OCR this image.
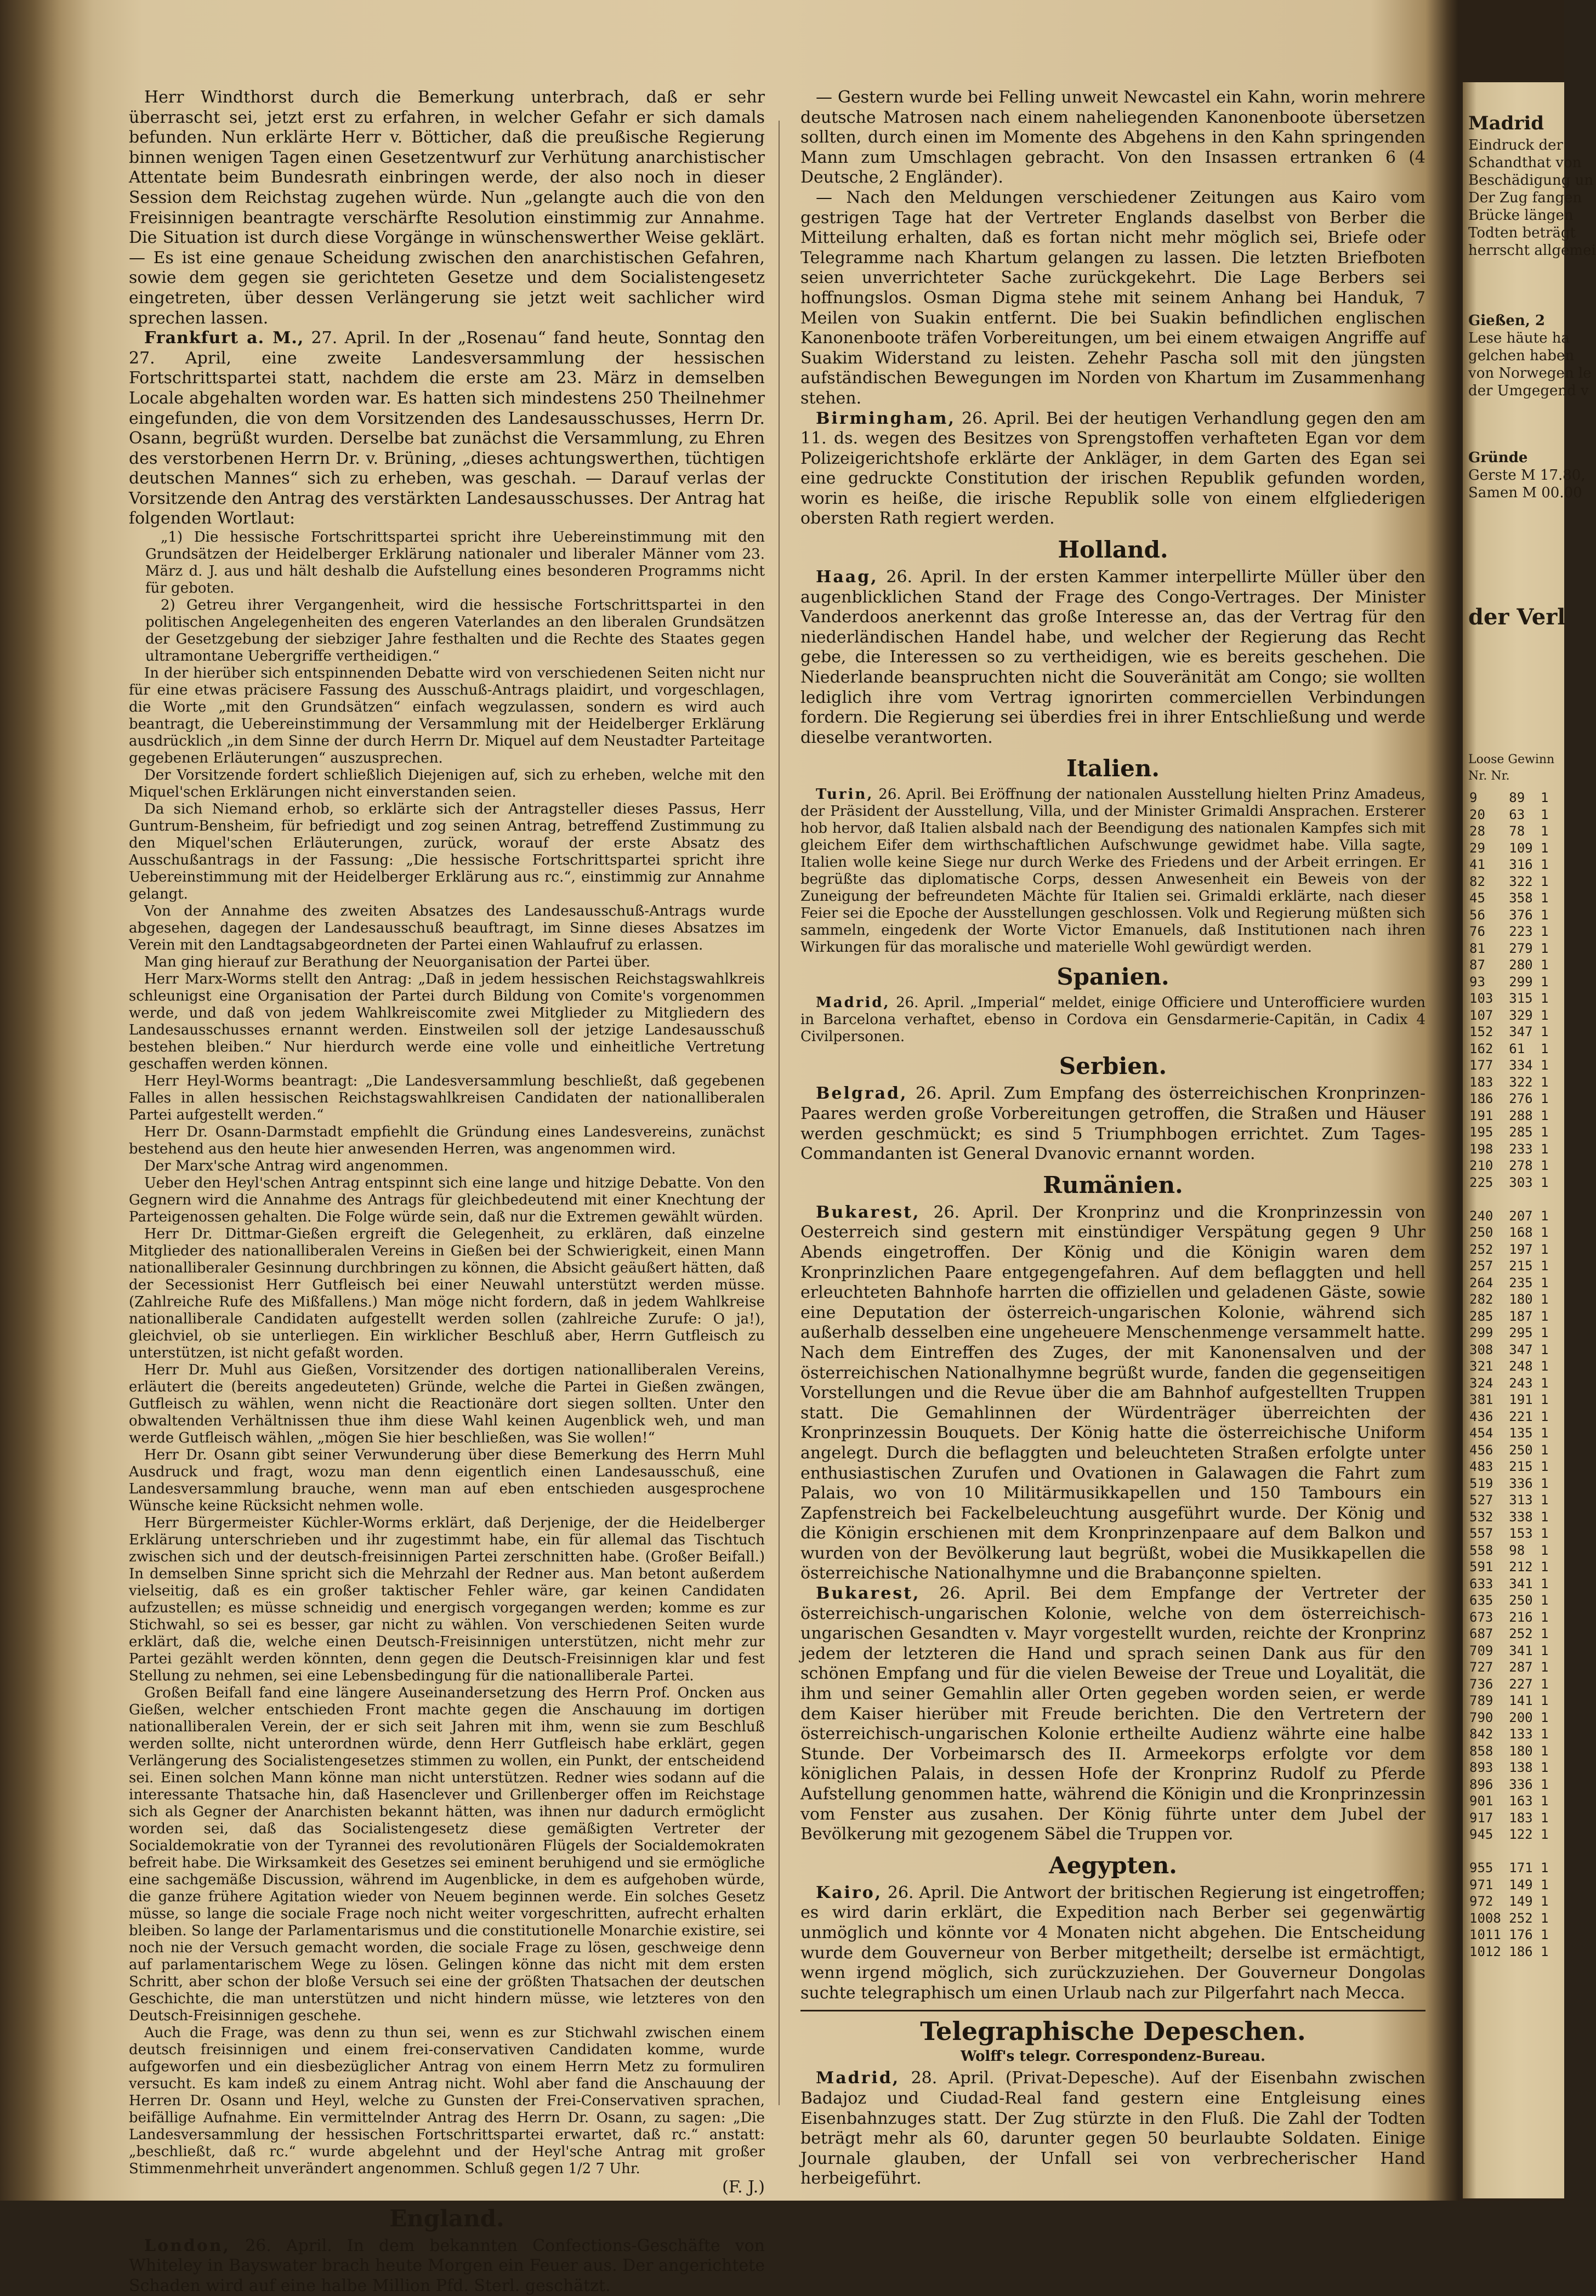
Herr Windthorst durch die Bemerkung unterbrach, daß er sehr überrascht sei, jetzt erst zu erfahren, in welcher Gefahr er sich damals befunden. Nun erklärte Herr v. Bötticher, daß die preußische Regierung binnen wenigen Tagen einen Gesetzentwurf zur Verhütung anarchistischer Attentate beim Bundesrath einbringen werde, der also noch in dieser Session dem Reichstag zugehen würde. Nun „gelangte auch die von den Freisinnigen beantragte verschärfte Resolution einstimmig zur Annahme. Die Situation ist durch diese Vorgänge in wünschenswerther Weise geklärt. — Es ist eine genaue Scheidung zwischen den anarchistischen Gefahren, sowie dem gegen sie gerichteten Gesetze und dem Socialistengesetz eingetreten, über dessen Verlängerung sie jetzt weit sachlicher wird sprechen lassen.

Frankfurt a. M., 27. April. In der „Rosenau“ fand heute, Sonntag den 27. April, eine zweite Landesversammlung der hessischen Fortschrittspartei statt, nachdem die erste am 23. März in demselben Locale abgehalten worden war. Es hatten sich mindestens 250 Theilnehmer eingefunden, die von dem Vorsitzenden des Landesausschusses, Herrn Dr. Osann, begrüßt wurden. Derselbe bat zunächst die Versammlung, zu Ehren des verstorbenen Herrn Dr. v. Brüning, „dieses achtungswerthen, tüchtigen deutschen Mannes“ sich zu erheben, was geschah. — Darauf verlas der Vorsitzende den Antrag des verstärkten Landesausschusses. Der Antrag hat folgenden Wortlaut:

„1) Die hessische Fortschrittspartei spricht ihre Uebereinstimmung mit den Grundsätzen der Heidelberger Erklärung nationaler und liberaler Männer vom 23. März d. J. aus und hält deshalb die Aufstellung eines besonderen Programms nicht für geboten.

2) Getreu ihrer Vergangenheit, wird die hessische Fortschrittspartei in den politischen Angelegenheiten des engeren Vaterlandes an den liberalen Grundsätzen der Gesetzgebung der siebziger Jahre festhalten und die Rechte des Staates gegen ultramontane Uebergriffe vertheidigen.“

In der hierüber sich entspinnenden Debatte wird von verschiedenen Seiten nicht nur für eine etwas präcisere Fassung des Ausschuß-Antrags plaidirt, und vorgeschlagen, die Worte „mit den Grundsätzen“ einfach wegzulassen, sondern es wird auch beantragt, die Uebereinstimmung der Versammlung mit der Heidelberger Erklärung ausdrücklich „in dem Sinne der durch Herrn Dr. Miquel auf dem Neustadter Parteitage gegebenen Erläuterungen“ auszusprechen.

Der Vorsitzende fordert schließlich Diejenigen auf, sich zu erheben, welche mit den Miquel'schen Erklärungen nicht einverstanden seien.

Da sich Niemand erhob, so erklärte sich der Antragsteller dieses Passus, Herr Guntrum-Bensheim, für befriedigt und zog seinen Antrag, betreffend Zustimmung zu den Miquel'schen Erläuterungen, zurück, worauf der erste Absatz des Ausschußantrags in der Fassung: „Die hessische Fortschrittspartei spricht ihre Uebereinstimmung mit der Heidelberger Erklärung aus rc.“, einstimmig zur Annahme gelangt.

Von der Annahme des zweiten Absatzes des Landesausschuß-Antrags wurde abgesehen, dagegen der Landesausschuß beauftragt, im Sinne dieses Absatzes im Verein mit den Landtagsabgeordneten der Partei einen Wahlaufruf zu erlassen.

Man ging hierauf zur Berathung der Neuorganisation der Partei über.

Herr Marx-Worms stellt den Antrag: „Daß in jedem hessischen Reichstagswahlkreis schleunigst eine Organisation der Partei durch Bildung von Comite's vorgenommen werde, und daß von jedem Wahlkreiscomite zwei Mitglieder zu Mitgliedern des Landesausschusses ernannt werden. Einstweilen soll der jetzige Landesausschuß bestehen bleiben.“ Nur hierdurch werde eine volle und einheitliche Vertretung geschaffen werden können.

Herr Heyl-Worms beantragt: „Die Landesversammlung beschließt, daß gegebenen Falles in allen hessischen Reichstagswahlkreisen Candidaten der nationalliberalen Partei aufgestellt werden.“

Herr Dr. Osann-Darmstadt empfiehlt die Gründung eines Landesvereins, zunächst bestehend aus den heute hier anwesenden Herren, was angenommen wird.

Der Marx'sche Antrag wird angenommen.

Ueber den Heyl'schen Antrag entspinnt sich eine lange und hitzige Debatte. Von den Gegnern wird die Annahme des Antrags für gleichbedeutend mit einer Knechtung der Parteigenossen gehalten. Die Folge würde sein, daß nur die Extremen gewählt würden.

Herr Dr. Dittmar-Gießen ergreift die Gelegenheit, zu erklären, daß einzelne Mitglieder des nationalliberalen Vereins in Gießen bei der Schwierigkeit, einen Mann nationalliberaler Gesinnung durchbringen zu können, die Absicht geäußert hätten, daß der Secessionist Herr Gutfleisch bei einer Neuwahl unterstützt werden müsse. (Zahlreiche Rufe des Mißfallens.) Man möge nicht fordern, daß in jedem Wahlkreise nationalliberale Candidaten aufgestellt werden sollen (zahlreiche Zurufe: O ja!), gleichviel, ob sie unterliegen. Ein wirklicher Beschluß aber, Herrn Gutfleisch zu unterstützen, ist nicht gefaßt worden.

Herr Dr. Muhl aus Gießen, Vorsitzender des dortigen nationalliberalen Vereins, erläutert die (bereits angedeuteten) Gründe, welche die Partei in Gießen zwängen, Gutfleisch zu wählen, wenn nicht die Reactionäre dort siegen sollten. Unter den obwaltenden Verhältnissen thue ihm diese Wahl keinen Augenblick weh, und man werde Gutfleisch wählen, „mögen Sie hier beschließen, was Sie wollen!“

Herr Dr. Osann gibt seiner Verwunderung über diese Bemerkung des Herrn Muhl Ausdruck und fragt, wozu man denn eigentlich einen Landesausschuß, eine Landesversammlung brauche, wenn man auf eben entschieden ausgesprochene Wünsche keine Rücksicht nehmen wolle.

Herr Bürgermeister Küchler-Worms erklärt, daß Derjenige, der die Heidelberger Erklärung unterschrieben und ihr zugestimmt habe, ein für allemal das Tischtuch zwischen sich und der deutsch-freisinnigen Partei zerschnitten habe. (Großer Beifall.) In demselben Sinne spricht sich die Mehrzahl der Redner aus. Man betont außerdem vielseitig, daß es ein großer taktischer Fehler wäre, gar keinen Candidaten aufzustellen; es müsse schneidig und energisch vorgegangen werden; komme es zur Stichwahl, so sei es besser, gar nicht zu wählen. Von verschiedenen Seiten wurde erklärt, daß die, welche einen Deutsch-Freisinnigen unterstützen, nicht mehr zur Partei gezählt werden könnten, denn gegen die Deutsch-Freisinnigen klar und fest Stellung zu nehmen, sei eine Lebensbedingung für die nationalliberale Partei.

Großen Beifall fand eine längere Auseinandersetzung des Herrn Prof. Oncken aus Gießen, welcher entschieden Front machte gegen die Anschauung im dortigen nationalliberalen Verein, der er sich seit Jahren mit ihm, wenn sie zum Beschluß werden sollte, nicht unterordnen würde, denn Herr Gutfleisch habe erklärt, gegen Verlängerung des Socialistengesetzes stimmen zu wollen, ein Punkt, der entscheidend sei. Einen solchen Mann könne man nicht unterstützen. Redner wies sodann auf die interessante Thatsache hin, daß Hasenclever und Grillenberger offen im Reichstage sich als Gegner der Anarchisten bekannt hätten, was ihnen nur dadurch ermöglicht worden sei, daß das Socialistengesetz diese gemäßigten Vertreter der Socialdemokratie von der Tyrannei des revolutionären Flügels der Socialdemokraten befreit habe. Die Wirksamkeit des Gesetzes sei eminent beruhigend und sie ermögliche eine sachgemäße Discussion, während im Augenblicke, in dem es aufgehoben würde, die ganze frühere Agitation wieder von Neuem beginnen werde. Ein solches Gesetz müsse, so lange die sociale Frage noch nicht weiter vorgeschritten, aufrecht erhalten bleiben. So lange der Parlamentarismus und die constitutionelle Monarchie existire, sei noch nie der Versuch gemacht worden, die sociale Frage zu lösen, geschweige denn auf parlamentarischem Wege zu lösen. Gelingen könne das nicht mit dem ersten Schritt, aber schon der bloße Versuch sei eine der größten Thatsachen der deutschen Geschichte, die man unterstützen und nicht hindern müsse, wie letzteres von den Deutsch-Freisinnigen geschehe.

Auch die Frage, was denn zu thun sei, wenn es zur Stichwahl zwischen einem deutsch freisinnigen und einem frei-conservativen Candidaten komme, wurde aufgeworfen und ein diesbezüglicher Antrag von einem Herrn Metz zu formuliren versucht. Es kam indeß zu einem Antrag nicht. Wohl aber fand die Anschauung der Herren Dr. Osann und Heyl, welche zu Gunsten der Frei-Conservativen sprachen, beifällige Aufnahme. Ein vermittelnder Antrag des Herrn Dr. Osann, zu sagen: „Die Landesversammlung der hessischen Fortschrittspartei erwartet, daß rc.“ anstatt: „beschließt, daß rc.“ wurde abgelehnt und der Heyl'sche Antrag mit großer Stimmenmehrheit unverändert angenommen. Schluß gegen 1/2 7 Uhr.

(F. J.)
England.

London, 26. April. In dem bekannten Confections-Geschäfte von Whiteley in Bayswater brach heute Morgen ein Feuer aus. Der angerichtete Schaden wird auf eine halbe Million Pfd. Sterl. geschätzt.

— Gestern wurde bei Felling unweit Newcastel ein Kahn, worin mehrere deutsche Matrosen nach einem naheliegenden Kanonenboote übersetzen sollten, durch einen im Momente des Abgehens in den Kahn springenden Mann zum Umschlagen gebracht. Von den Insassen ertranken 6 (4 Deutsche, 2 Engländer).

— Nach den Meldungen verschiedener Zeitungen aus Kairo vom gestrigen Tage hat der Vertreter Englands daselbst von Berber die Mitteilung erhalten, daß es fortan nicht mehr möglich sei, Briefe oder Telegramme nach Khartum gelangen zu lassen. Die letzten Briefboten seien unverrichteter Sache zurückgekehrt. Die Lage Berbers sei hoffnungslos. Osman Digma stehe mit seinem Anhang bei Handuk, 7 Meilen von Suakin entfernt. Die bei Suakin befindlichen englischen Kanonenboote träfen Vorbereitungen, um bei einem etwaigen Angriffe auf Suakim Widerstand zu leisten. Zehehr Pascha soll mit den jüngsten aufständischen Bewegungen im Norden von Khartum im Zusammenhang stehen.

Birmingham, 26. April. Bei der heutigen Verhandlung gegen den am 11. ds. wegen des Besitzes von Sprengstoffen verhafteten Egan vor dem Polizeigerichtshofe erklärte der Ankläger, in dem Garten des Egan sei eine gedruckte Constitution der irischen Republik gefunden worden, worin es heiße, die irische Republik solle von einem elfgliederigen obersten Rath regiert werden.

Holland.

Haag, 26. April. In der ersten Kammer interpellirte Müller über den augenblicklichen Stand der Frage des Congo-Vertrages. Der Minister Vanderdoos anerkennt das große Interesse an, das der Vertrag für den niederländischen Handel habe, und welcher der Regierung das Recht gebe, die Interessen so zu vertheidigen, wie es bereits geschehen. Die Niederlande beanspruchten nicht die Souveränität am Congo; sie wollten lediglich ihre vom Vertrag ignorirten commerciellen Verbindungen fordern. Die Regierung sei überdies frei in ihrer Entschließung und werde dieselbe verantworten.

Italien.

Turin, 26. April. Bei Eröffnung der nationalen Ausstellung hielten Prinz Amadeus, der Präsident der Ausstellung, Villa, und der Minister Grimaldi Ansprachen. Ersterer hob hervor, daß Italien alsbald nach der Beendigung des nationalen Kampfes sich mit gleichem Eifer dem wirthschaftlichen Aufschwunge gewidmet habe. Villa sagte, Italien wolle keine Siege nur durch Werke des Friedens und der Arbeit erringen. Er begrüßte das diplomatische Corps, dessen Anwesenheit ein Beweis von der Zuneigung der befreundeten Mächte für Italien sei. Grimaldi erklärte, nach dieser Feier sei die Epoche der Ausstellungen geschlossen. Volk und Regierung müßten sich sammeln, eingedenk der Worte Victor Emanuels, daß Institutionen nach ihren Wirkungen für das moralische und materielle Wohl gewürdigt werden.

Spanien.

Madrid, 26. April. „Imperial“ meldet, einige Officiere und Unterofficiere wurden in Barcelona verhaftet, ebenso in Cordova ein Gensdarmerie-Capitän, in Cadix 4 Civilpersonen.

Serbien.

Belgrad, 26. April. Zum Empfang des österreichischen Kronprinzen-Paares werden große Vorbereitungen getroffen, die Straßen und Häuser werden geschmückt; es sind 5 Triumphbogen errichtet. Zum Tages-Commandanten ist General Dvanovic ernannt worden.

Rumänien.

Bukarest, 26. April. Der Kronprinz und die Kronprinzessin von Oesterreich sind gestern mit einstündiger Verspätung gegen 9 Uhr Abends eingetroffen. Der König und die Königin waren dem Kronprinzlichen Paare entgegengefahren. Auf dem beflaggten und hell erleuchteten Bahnhofe harrten die offiziellen und geladenen Gäste, sowie eine Deputation der österreich-ungarischen Kolonie, während sich außerhalb desselben eine ungeheuere Menschenmenge versammelt hatte. Nach dem Eintreffen des Zuges, der mit Kanonensalven und der österreichischen Nationalhymne begrüßt wurde, fanden die gegenseitigen Vorstellungen und die Revue über die am Bahnhof aufgestellten Truppen statt. Die Gemahlinnen der Würdenträger überreichten der Kronprinzessin Bouquets. Der König hatte die österreichische Uniform angelegt. Durch die beflaggten und beleuchteten Straßen erfolgte unter enthusiastischen Zurufen und Ovationen in Galawagen die Fahrt zum Palais, wo von 10 Militärmusikkapellen und 150 Tambours ein Zapfenstreich bei Fackelbeleuchtung ausgeführt wurde. Der König und die Königin erschienen mit dem Kronprinzenpaare auf dem Balkon und wurden von der Bevölkerung laut begrüßt, wobei die Musikkapellen die österreichische Nationalhymne und die Brabançonne spielten.

Bukarest, 26. April. Bei dem Empfange der Vertreter der österreichisch-ungarischen Kolonie, welche von dem österreichisch-ungarischen Gesandten v. Mayr vorgestellt wurden, reichte der Kronprinz jedem der letzteren die Hand und sprach seinen Dank aus für den schönen Empfang und für die vielen Beweise der Treue und Loyalität, die ihm und seiner Gemahlin aller Orten gegeben worden seien, er werde dem Kaiser hierüber mit Freude berichten. Die den Vertretern der österreichisch-ungarischen Kolonie ertheilte Audienz währte eine halbe Stunde. Der Vorbeimarsch des II. Armeekorps erfolgte vor dem königlichen Palais, in dessen Hofe der Kronprinz Rudolf zu Pferde Aufstellung genommen hatte, während die Königin und die Kronprinzessin vom Fenster aus zusahen. Der König führte unter dem Jubel der Bevölkerung mit gezogenem Säbel die Truppen vor.

Aegypten.

Kairo, 26. April. Die Antwort der britischen Regierung ist eingetroffen; es wird darin erklärt, die Expedition nach Berber sei gegenwärtig unmöglich und könnte vor 4 Monaten nicht abgehen. Die Entscheidung wurde dem Gouverneur von Berber mitgetheilt; derselbe ist ermächtigt, wenn irgend möglich, sich zurückzuziehen. Der Gouverneur Dongolas suchte telegraphisch um einen Urlaub nach zur Pilgerfahrt nach Mecca.

Telegraphische Depeschen.
Wolff's telegr. Correspondenz-Bureau.

Madrid, 28. April. (Privat-Depesche). Auf der Eisenbahn zwischen Badajoz und Ciudad-Real fand gestern eine Entgleisung eines Eisenbahnzuges statt. Der Zug stürzte in den Fluß. Die Zahl der Todten beträgt mehr als 60, darunter gegen 50 beurlaubte Soldaten. Einige Journale glauben, der Unfall sei von verbrecherischer Hand herbeigeführt.

Madrid
Eindruck der
Schandthat von
Beschädigung un
Der Zug fangen
Brücke längen
Todten beträgt
herrscht allgemei
Gießen, 2
Lese häute ha
gelchen haben
von Norwegen le
der Umgegend v
Gründe
Gerste M 17.80,
Samen M 00.00
der Verl
Loose Gewinn
Nr. Nr.
9    89  1
20   63  1
28   78  1
29   109 1
41   316 1
82   322 1
45   358 1
56   376 1
76   223 1
81   279 1
87   280 1
93   299 1
103  315 1
107  329 1
152  347 1
162  61  1
177  334 1
183  322 1
186  276 1
191  288 1
195  285 1
198  233 1
210  278 1
225  303 1

240  207 1
250  168 1
252  197 1
257  215 1
264  235 1
282  180 1
285  187 1
299  295 1
308  347 1
321  248 1
324  243 1
381  191 1
436  221 1
454  135 1
456  250 1
483  215 1
519  336 1
527  313 1
532  338 1
557  153 1
558  98  1
591  212 1
633  341 1
635  250 1
673  216 1
687  252 1
709  341 1
727  287 1
736  227 1
789  141 1
790  200 1
842  133 1
858  180 1
893  138 1
896  336 1
901  163 1
917  183 1
945  122 1

955  171 1
971  149 1
972  149 1
1008 252 1
1011 176 1
1012 186 1
